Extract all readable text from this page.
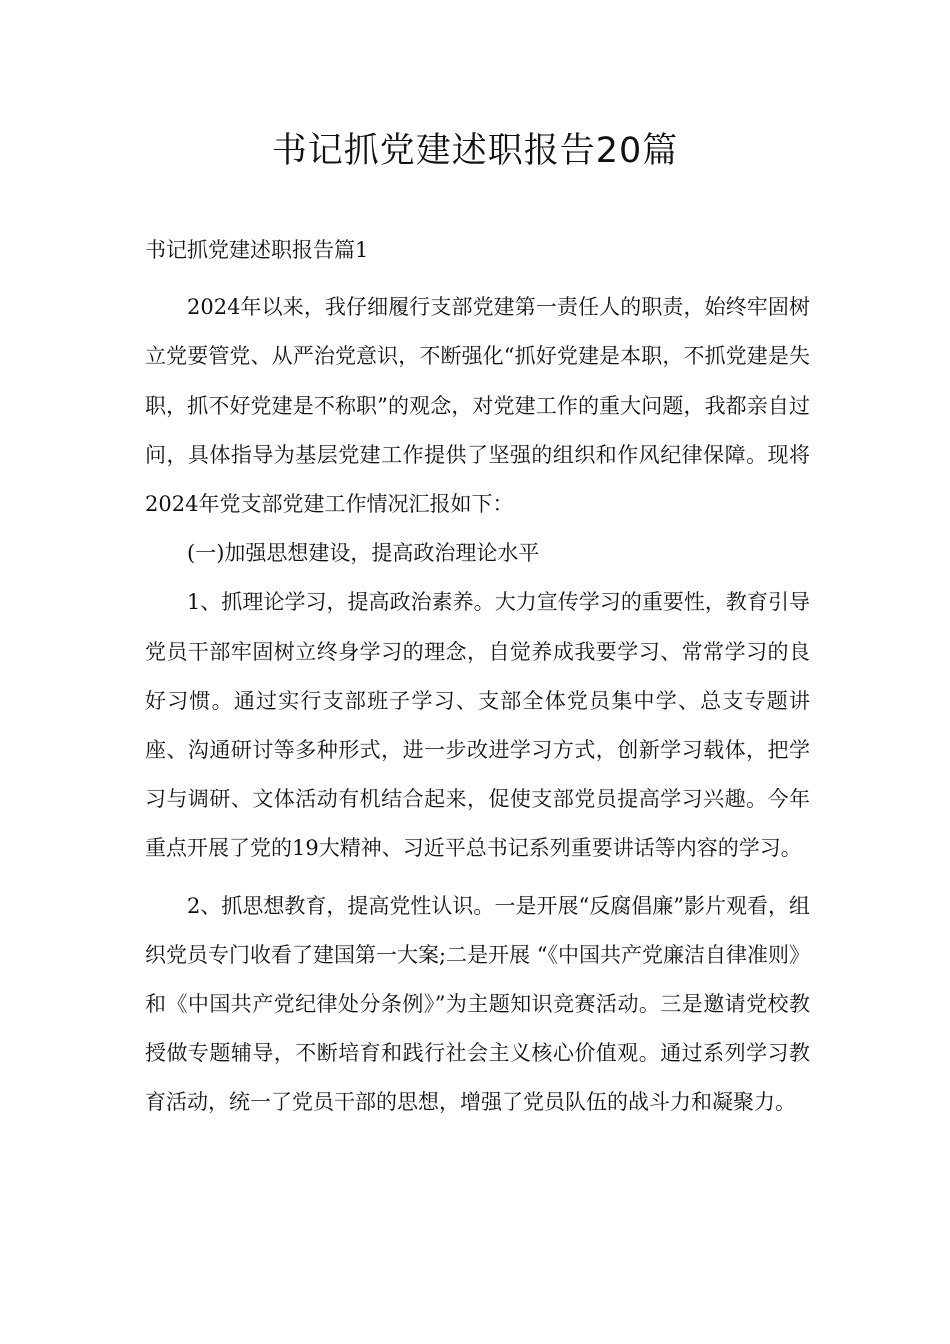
书记抓党建述职报告20篇

书记抓党建述职报告篇1

2024年以来，我仔细履行支部党建第一责任人的职责，始终牢固树立党要管党、从严治党意识，不断强化“抓好党建是本职，不抓党建是失职，抓不好党建是不称职”的观念，对党建工作的重大问题，我都亲自过问，具体指导为基层党建工作提供了坚强的组织和作风纪律保障。现将2024年党支部党建工作情况汇报如下：

(一)加强思想建设，提高政治理论水平

1、抓理论学习，提高政治素养。大力宣传学习的重要性，教育引导党员干部牢固树立终身学习的理念，自觉养成我要学习、常常学习的良好习惯。通过实行支部班子学习、支部全体党员集中学、总支专题讲座、沟通研讨等多种形式，进一步改进学习方式，创新学习载体，把学习与调研、文体活动有机结合起来，促使支部党员提高学习兴趣。今年重点开展了党的19大精神、习近平总书记系列重要讲话等内容的学习。

2、抓思想教育，提高党性认识。一是开展“反腐倡廉”影片观看，组织党员专门收看了建国第一大案;二是开展 “《中国共产党廉洁自律准则》和《中国共产党纪律处分条例》”为主题知识竞赛活动。三是邀请党校教授做专题辅导，不断培育和践行社会主义核心价值观。通过系列学习教育活动，统一了党员干部的思想，增强了党员队伍的战斗力和凝聚力。
